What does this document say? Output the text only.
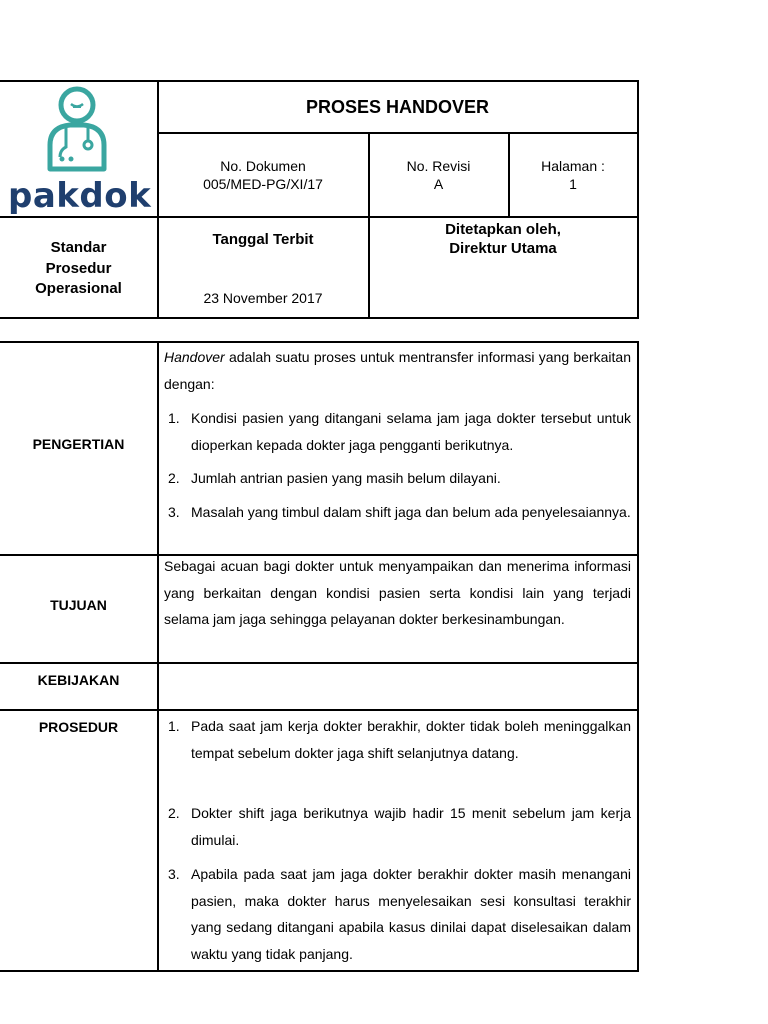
pakdok
PROSES HANDOVER
No. Dokumen
005/MED-PG/XI/17
No. Revisi
A
Halaman :
1
Standar
Prosedur
Operasional
Tanggal Terbit
23 November 2017
Ditetapkan oleh,
Direktur Utama
PENGERTIAN
Handover adalah suatu proses untuk mentransfer informasi yang berkaitan dengan:
1. Kondisi pasien yang ditangani selama jam jaga dokter tersebut untuk dioperkan kepada dokter jaga pengganti berikutnya.
2. Jumlah antrian pasien yang masih belum dilayani.
3. Masalah yang timbul dalam shift jaga dan belum ada penyelesaiannya.
TUJUAN
Sebagai acuan bagi dokter untuk menyampaikan dan menerima informasi yang berkaitan dengan kondisi pasien serta kondisi lain yang terjadi selama jam jaga sehingga pelayanan dokter berkesinambungan.
KEBIJAKAN
PROSEDUR	1. Pada saat jam kerja dokter berakhir, dokter tidak boleh meninggalkan tempat sebelum dokter jaga shift selanjutnya datang.
2. Dokter shift jaga berikutnya wajib hadir 15 menit sebelum jam kerja dimulai.
3. Apabila pada saat jam jaga dokter berakhir dokter masih menangani pasien, maka dokter harus menyelesaikan sesi konsultasi terakhir yang sedang ditangani apabila kasus dinilai dapat diselesaikan dalam waktu yang tidak panjang.
